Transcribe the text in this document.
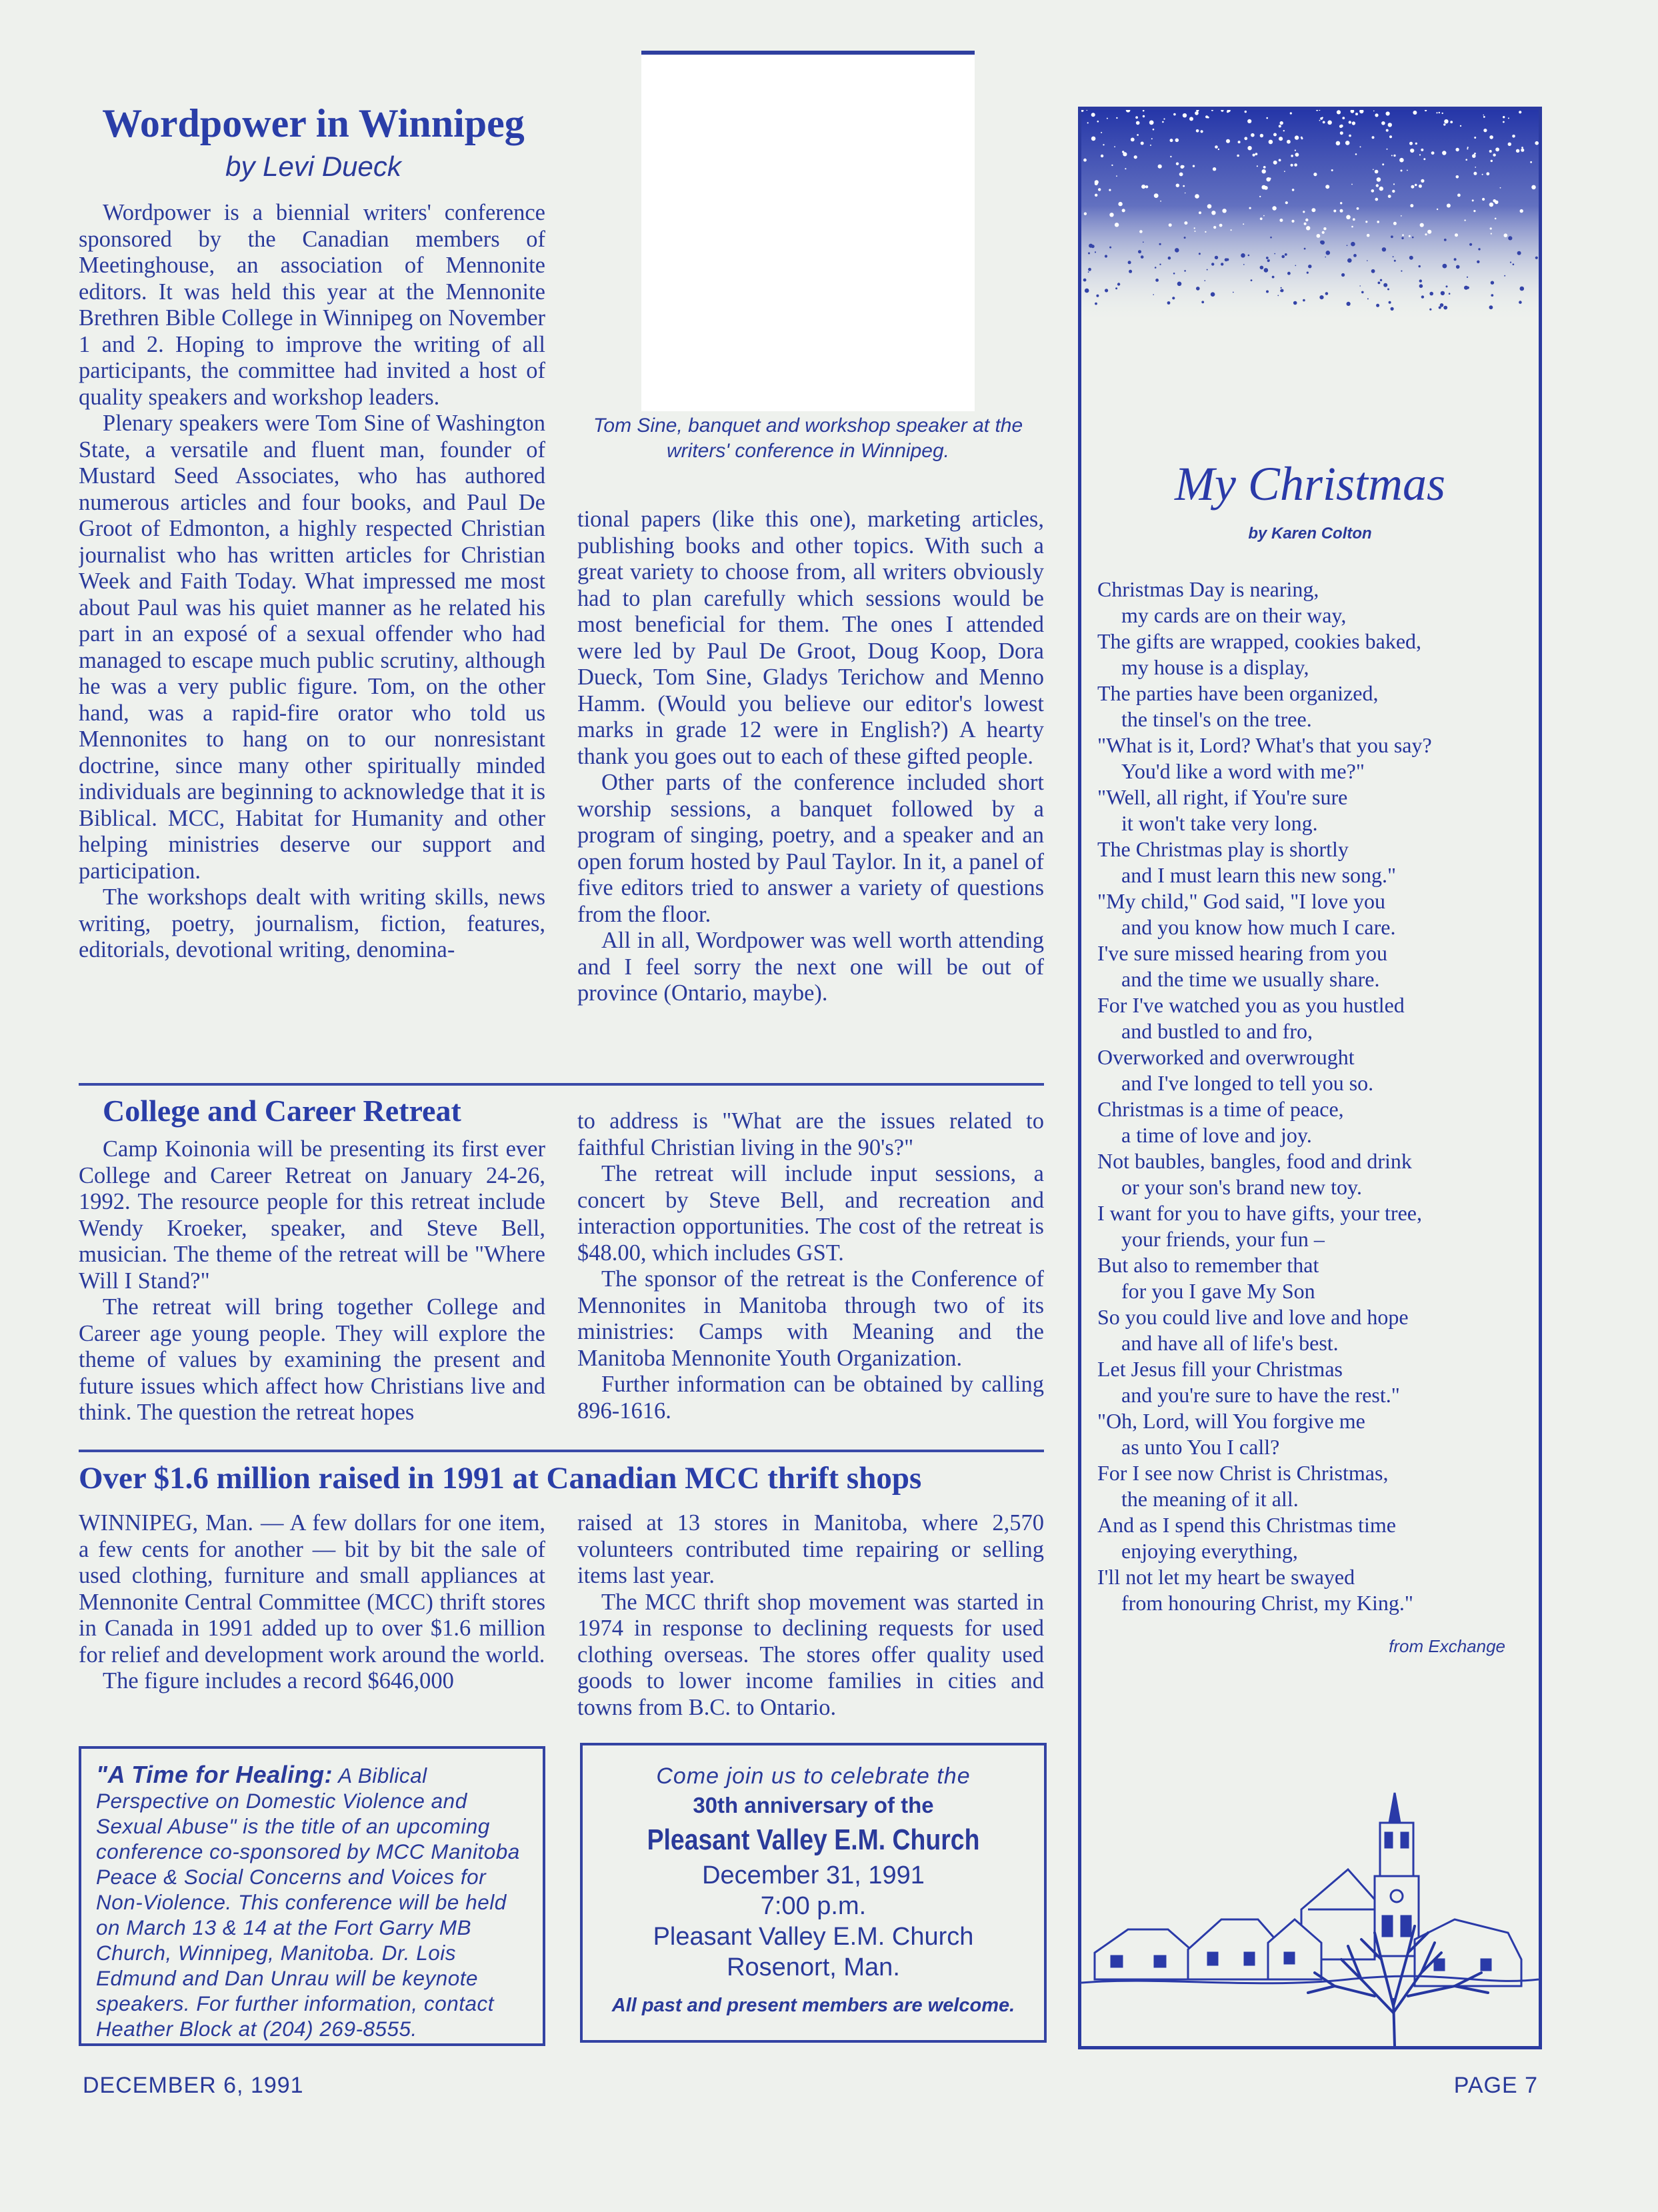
Wordpower in Winnipeg
by Levi Dueck

Wordpower is a biennial writers' conference sponsored by the Canadian members of Meetinghouse, an association of Mennonite editors. It was held this year at the Mennonite Brethren Bible College in Winnipeg on November 1 and 2. Hoping to improve the writing of all participants, the committee had invited a host of quality speakers and workshop leaders.

Plenary speakers were Tom Sine of Washington State, a versatile and fluent man, founder of Mustard Seed Associates, who has authored numerous articles and four books, and Paul De Groot of Edmonton, a highly respected Christian journalist who has written articles for Christian Week and Faith Today. What impressed me most about Paul was his quiet manner as he related his part in an exposé of a sexual offender who had managed to escape much public scrutiny, although he was a very public figure. Tom, on the other hand, was a rapid-fire orator who told us Mennonites to hang on to our nonresistant doctrine, since many other spiritually minded individuals are beginning to acknowledge that it is Biblical. MCC, Habitat for Humanity and other helping ministries deserve our support and participation.

The workshops dealt with writing skills, news writing, poetry, journalism, fiction, features, editorials, devotional writing, denomina-

Tom Sine, banquet and workshop speaker at the writers' conference in Winnipeg.

tional papers (like this one), marketing articles, publishing books and other topics. With such a great variety to choose from, all writers obviously had to plan carefully which sessions would be most beneficial for them. The ones I attended were led by Paul De Groot, Doug Koop, Dora Dueck, Tom Sine, Gladys Terichow and Menno Hamm. (Would you believe our editor's lowest marks in grade 12 were in English?) A hearty thank you goes out to each of these gifted people.

Other parts of the conference included short worship sessions, a banquet followed by a program of singing, poetry, and a speaker and an open forum hosted by Paul Taylor. In it, a panel of five editors tried to answer a variety of questions from the floor.

All in all, Wordpower was well worth attending and I feel sorry the next one will be out of province (Ontario, maybe).

College and Career Retreat

Camp Koinonia will be presenting its first ever College and Career Retreat on January 24-26, 1992. The resource people for this retreat include Wendy Kroeker, speaker, and Steve Bell, musician. The theme of the retreat will be "Where Will I Stand?"

The retreat will bring together College and Career age young people. They will explore the theme of values by examining the present and future issues which affect how Christians live and think. The question the retreat hopes

to address is "What are the issues related to faithful Christian living in the 90's?"

The retreat will include input sessions, a concert by Steve Bell, and recreation and interaction opportunities. The cost of the retreat is $48.00, which includes GST.

The sponsor of the retreat is the Conference of Mennonites in Manitoba through two of its ministries: Camps with Meaning and the Manitoba Mennonite Youth Organization.

Further information can be obtained by calling 896-1616.

Over $1.6 million raised in 1991 at Canadian MCC thrift shops

WINNIPEG, Man. — A few dollars for one item, a few cents for another — bit by bit the sale of used clothing, furniture and small appliances at Mennonite Central Committee (MCC) thrift stores in Canada in 1991 added up to over $1.6 million for relief and development work around the world.

The figure includes a record $646,000

raised at 13 stores in Manitoba, where 2,570 volunteers contributed time repairing or selling items last year.

The MCC thrift shop movement was started in 1974 in response to declining requests for used clothing overseas. The stores offer quality used goods to lower income families in cities and towns from B.C. to Ontario.

"A Time for Healing: A Biblical Perspective on Domestic Violence and Sexual Abuse" is the title of an upcoming conference co-sponsored by MCC Manitoba Peace & Social Concerns and Voices for Non-Violence. This conference will be held on March 13 & 14 at the Fort Garry MB Church, Winnipeg, Manitoba. Dr. Lois Edmund and Dan Unrau will be keynote speakers. For further information, contact Heather Block at (204) 269-8555.
Come join us to celebrate the
30th anniversary of the
Pleasant Valley E.M. Church
December 31, 1991
7:00 p.m.
Pleasant Valley E.M. Church
Rosenort, Man.
All past and present members are welcome.
My Christmas
by Karen Colton
Christmas Day is nearing,
my cards are on their way,
The gifts are wrapped, cookies baked,
my house is a display,
The parties have been organized,
the tinsel's on the tree.
"What is it, Lord? What's that you say?
You'd like a word with me?"
"Well, all right, if You're sure
it won't take very long.
The Christmas play is shortly
and I must learn this new song."
"My child," God said, "I love you
and you know how much I care.
I've sure missed hearing from you
and the time we usually share.
For I've watched you as you hustled
and bustled to and fro,
Overworked and overwrought
and I've longed to tell you so.
Christmas is a time of peace,
a time of love and joy.
Not baubles, bangles, food and drink
or your son's brand new toy.
I want for you to have gifts, your tree,
your friends, your fun –
But also to remember that
for you I gave My Son
So you could live and love and hope
and have all of life's best.
Let Jesus fill your Christmas
and you're sure to have the rest."
"Oh, Lord, will You forgive me
as unto You I call?
For I see now Christ is Christmas,
the meaning of it all.
And as I spend this Christmas time
enjoying everything,
I'll not let my heart be swayed
from honouring Christ, my King."
from Exchange
DECEMBER 6, 1991	PAGE 7
